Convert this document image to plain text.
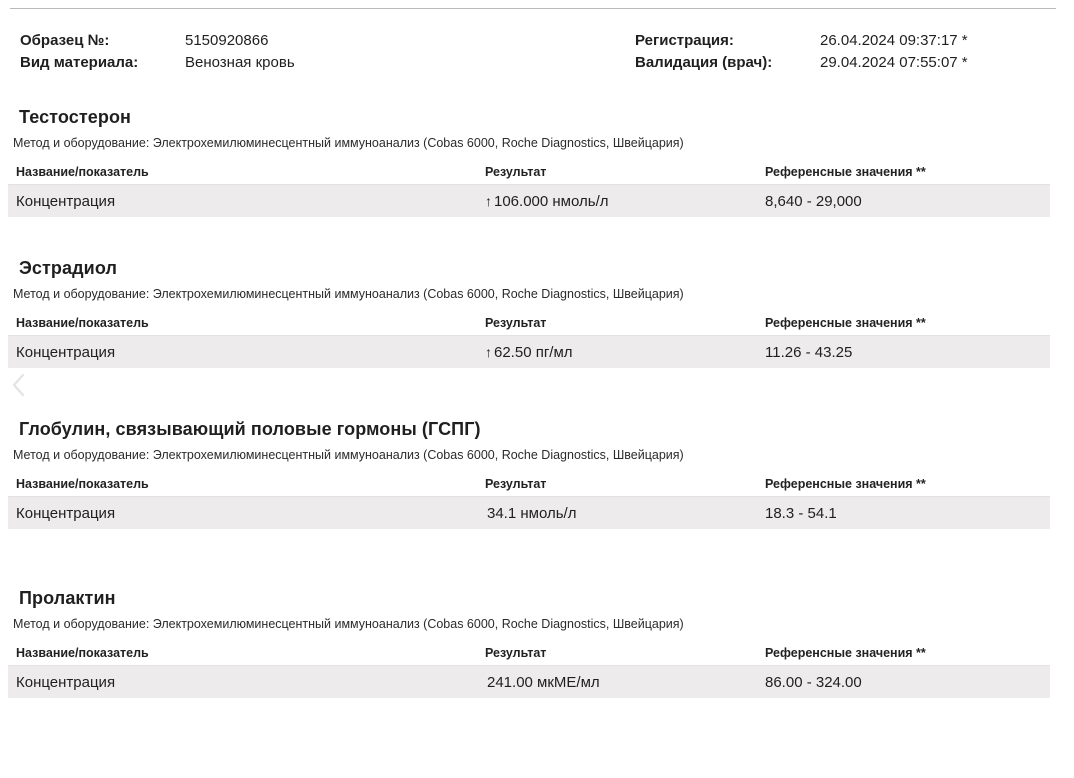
Образец №:	5150920866
Вид материала:	Венозная кровь
Регистрация:	26.04.2024 09:37:17 *
Валидация (врач):	29.04.2024 07:55:07 *
Тестостерон
Метод и оборудование: Электрохемилюминесцентный иммуноанализ (Cobas 6000, Roche Diagnostics, Швейцария)
Название/показатель	Результат	Референсные значения **
Концентрация	↑ 106.000 нмоль/л	8,640 - 29,000
Эстрадиол
Метод и оборудование: Электрохемилюминесцентный иммуноанализ (Cobas 6000, Roche Diagnostics, Швейцария)
Название/показатель	Результат	Референсные значения **
Концентрация	↑ 62.50 пг/мл	11.26 - 43.25
Глобулин, связывающий половые гормоны (ГСПГ)
Метод и оборудование: Электрохемилюминесцентный иммуноанализ (Cobas 6000, Roche Diagnostics, Швейцария)
Название/показатель	Результат	Референсные значения **
Концентрация	34.1 нмоль/л	18.3 - 54.1
Пролактин
Метод и оборудование: Электрохемилюминесцентный иммуноанализ (Cobas 6000, Roche Diagnostics, Швейцария)
Название/показатель	Результат	Референсные значения **
Концентрация	241.00 мкМЕ/мл	86.00 - 324.00
